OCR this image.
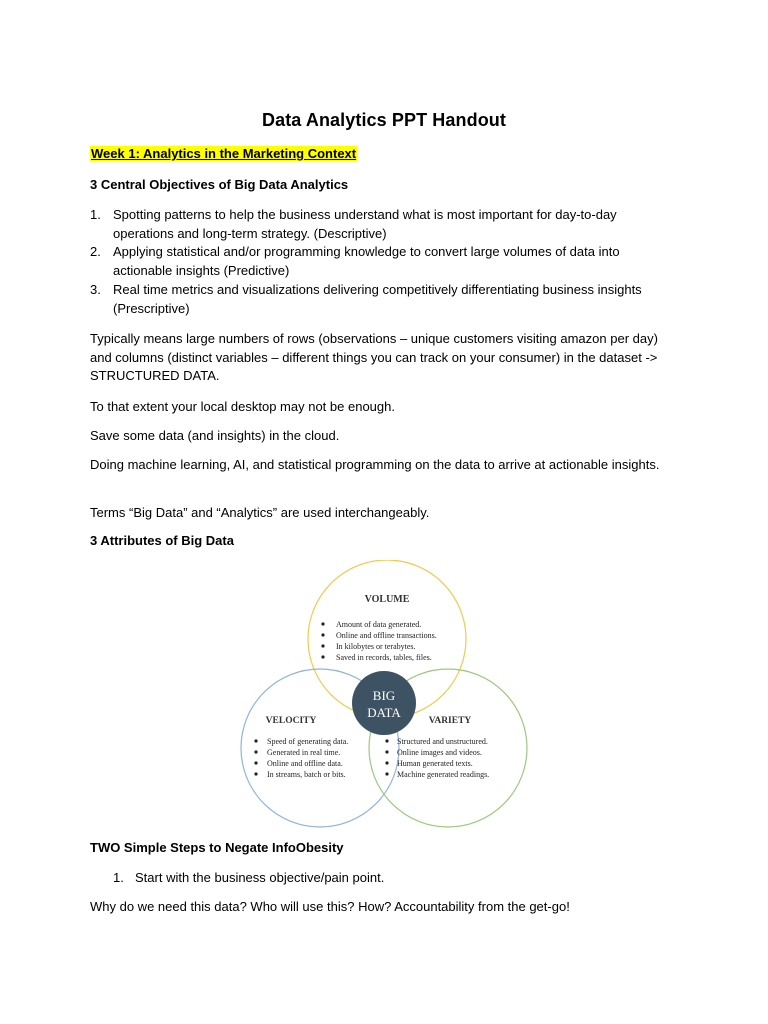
Data Analytics PPT Handout
Week 1: Analytics in the Marketing Context
3 Central Objectives of Big Data Analytics
1. Spotting patterns to help the business understand what is most important for day-to-day operations and long-term strategy. (Descriptive)
2. Applying statistical and/or programming knowledge to convert large volumes of data into actionable insights (Predictive)
3. Real time metrics and visualizations delivering competitively differentiating business insights (Prescriptive)
Typically means large numbers of rows (observations – unique customers visiting amazon per day) and columns (distinct variables – different things you can track on your consumer) in the dataset -> STRUCTURED DATA.
To that extent your local desktop may not be enough.
Save some data (and insights) in the cloud.
Doing machine learning, AI, and statistical programming on the data to arrive at actionable insights.
Terms “Big Data” and “Analytics” are used interchangeably.
3 Attributes of Big Data
VOLUME
Amount of data generated.
Online and offline transactions.
In kilobytes or terabytes.
Saved in records, tables, files.
VELOCITY
Speed of generating data.
Generated in real time.
Online and offline data.
In streams, batch or bits.
VARIETY
Structured and unstructured.
Online images and videos.
Human generated texts.
Machine generated readings.
BIG
DATA
TWO Simple Steps to Negate InfoObesity
1. Start with the business objective/pain point.
Why do we need this data? Who will use this? How? Accountability from the get-go!
